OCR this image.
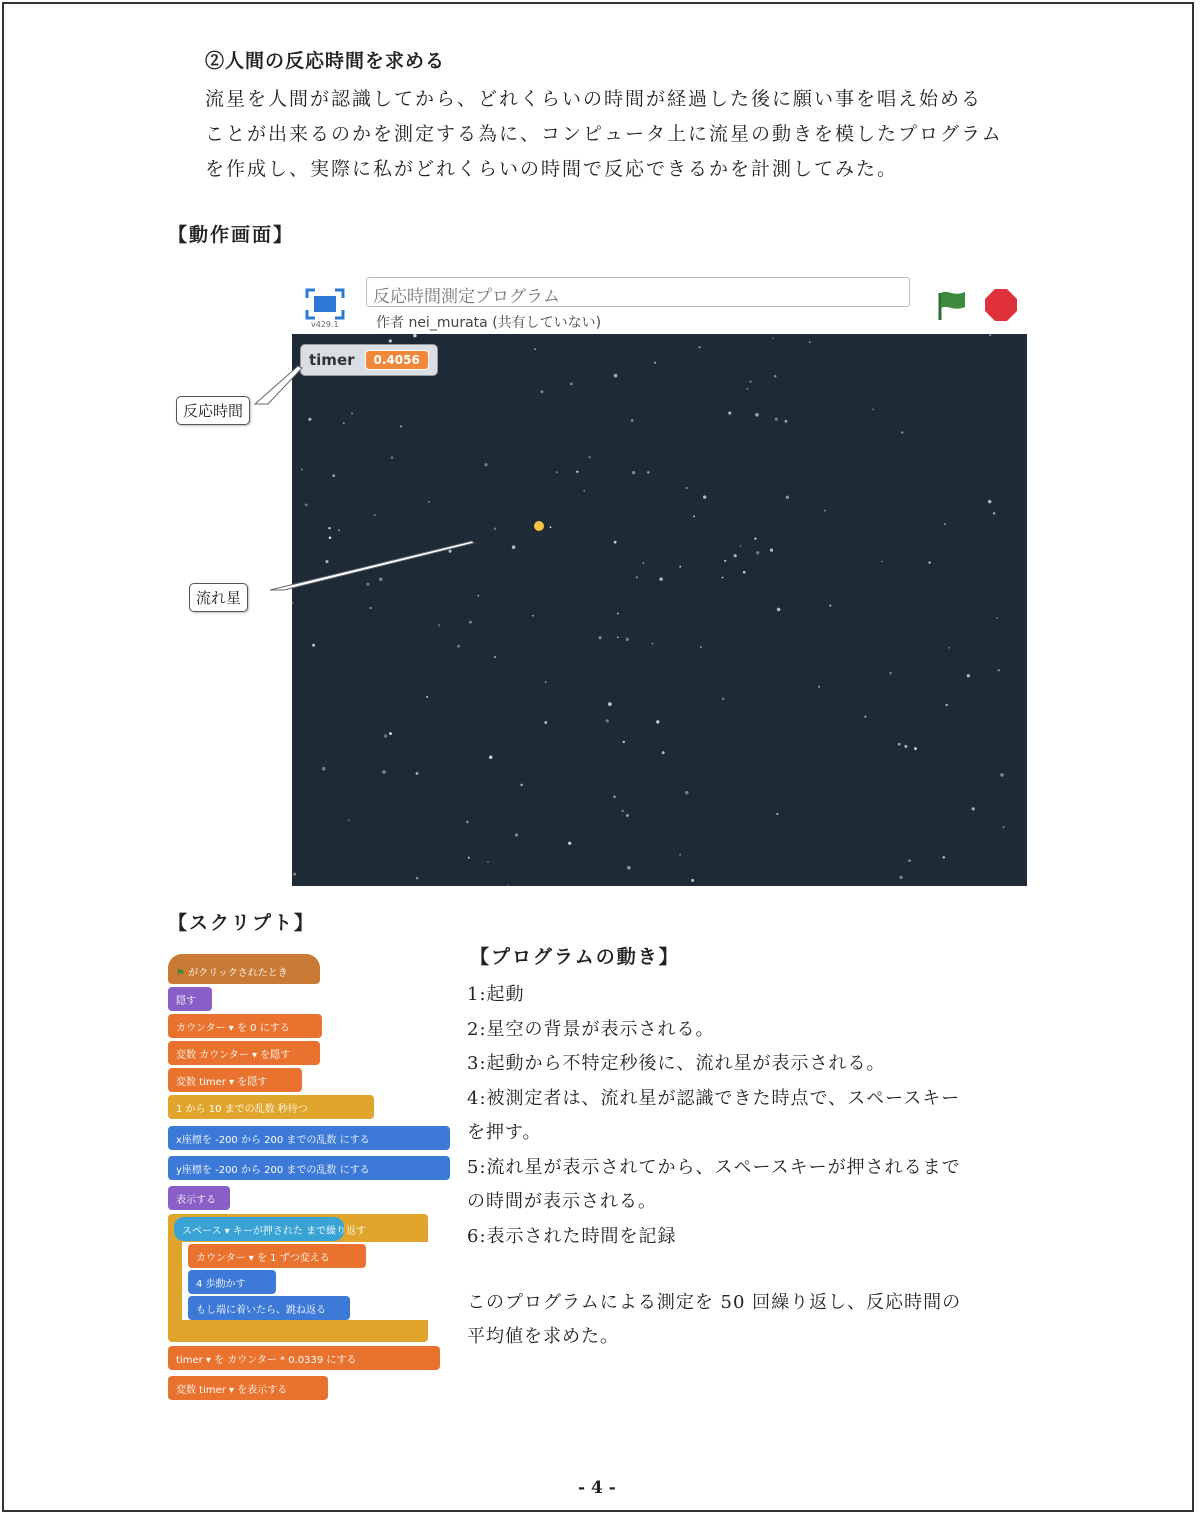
②人間の反応時間を求める

流星を人間が認識してから、どれくらいの時間が経過した後に願い事を唱え始める
ことが出来るのかを測定する為に、コンピュータ上に流星の動きを模したプログラム
を作成し、実際に私がどれくらいの時間で反応できるかを計測してみた。

【動作画面】
v429.1
反応時間測定プログラム
作者 nei_murata (共有していない)
timer	0.4056
反応時間
流れ星
【スクリプト】
⚑ がクリックされたとき
隠す
カウンター ▾ を 0 にする
変数 カウンター ▾ を隠す
変数 timer ▾ を隠す
1 から 10 までの乱数 秒待つ
x座標を -200 から 200 までの乱数 にする
y座標を -200 から 200 までの乱数 にする
表示する
スペース ▾ キーが押された まで繰り返す
カウンター ▾ を 1 ずつ変える
4 歩動かす
もし端に着いたら、跳ね返る
timer ▾ を カウンター * 0.0339 にする
変数 timer ▾ を表示する
【プログラムの動き】
1:起動
2:星空の背景が表示される。
3:起動から不特定秒後に、流れ星が表示される。
4:被測定者は、流れ星が認識できた時点で、スペースキー
を押す。
5:流れ星が表示されてから、スペースキーが押されるまで
の時間が表示される。
6:表示された時間を記録

このプログラムによる測定を 50 回繰り返し、反応時間の
平均値を求めた。

- 4 -
